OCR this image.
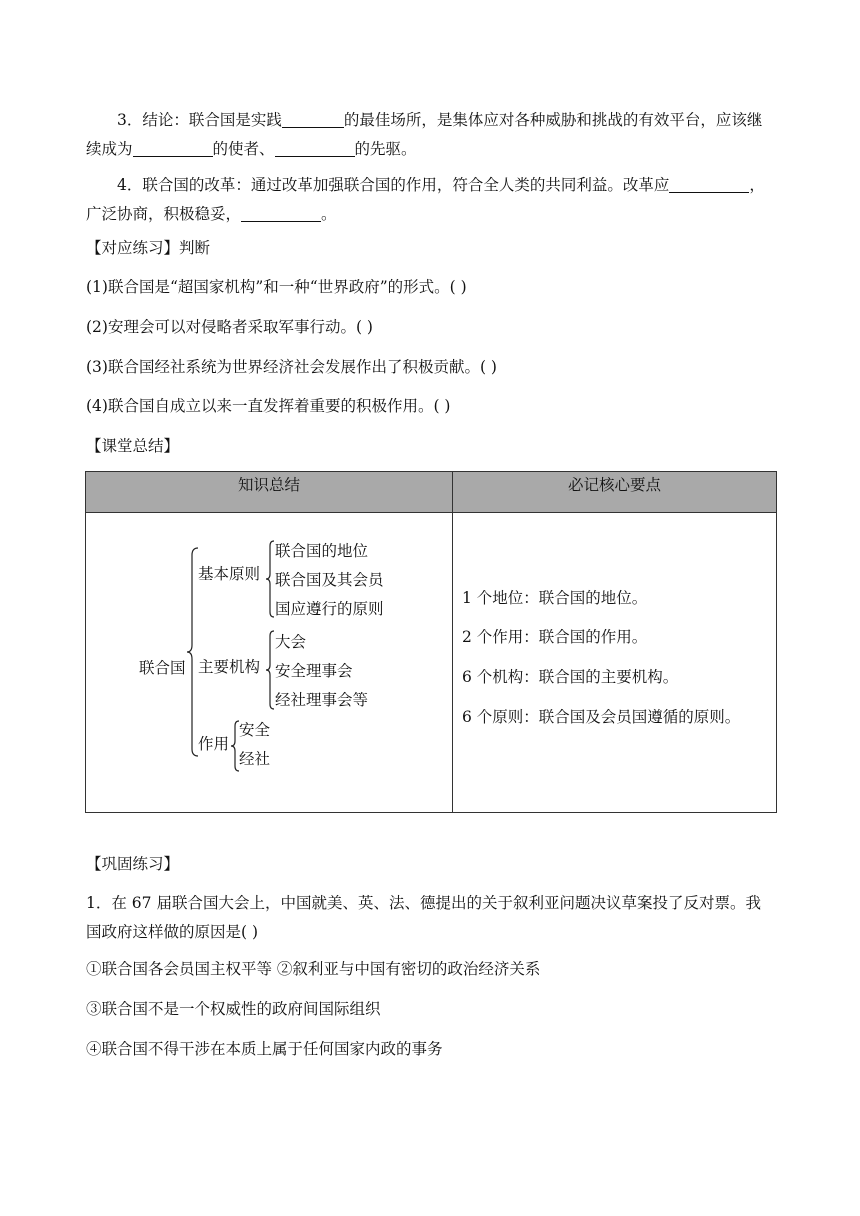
3．结论：联合国是实践	的最佳场所，是集体应对各种威胁和挑战的有效平台，应该继续成为	的使者、	的先驱。

4．联合国的改革：通过改革加强联合国的作用，符合全人类的共同利益。改革应	，广泛协商，积极稳妥，	。

【对应练习】判断

(1)联合国是“超国家机构”和一种“世界政府”的形式。( )

(2)安理会可以对侵略者采取军事行动。( )

(3)联合国经社系统为世界经济社会发展作出了积极贡献。( )

(4)联合国自成立以来一直发挥着重要的积极作用。( )

【课堂总结】

知识总结	必记核心要点
联合国
基本原则
联合国的地位
联合国及其会员
国应遵行的原则
主要机构
大会
安全理事会
经社理事会等
作用
安全
经社
1 个地位：联合国的地位。
2 个作用：联合国的作用。
6 个机构：联合国的主要机构。
6 个原则：联合国及会员国遵循的原则。

【巩固练习】

1．在 67 届联合国大会上，中国就美、英、法、德提出的关于叙利亚问题决议草案投了反对票。我国政府这样做的原因是( )

①联合国各会员国主权平等 ②叙利亚与中国有密切的政治经济关系

③联合国不是一个权威性的政府间国际组织

④联合国不得干涉在本质上属于任何国家内政的事务
